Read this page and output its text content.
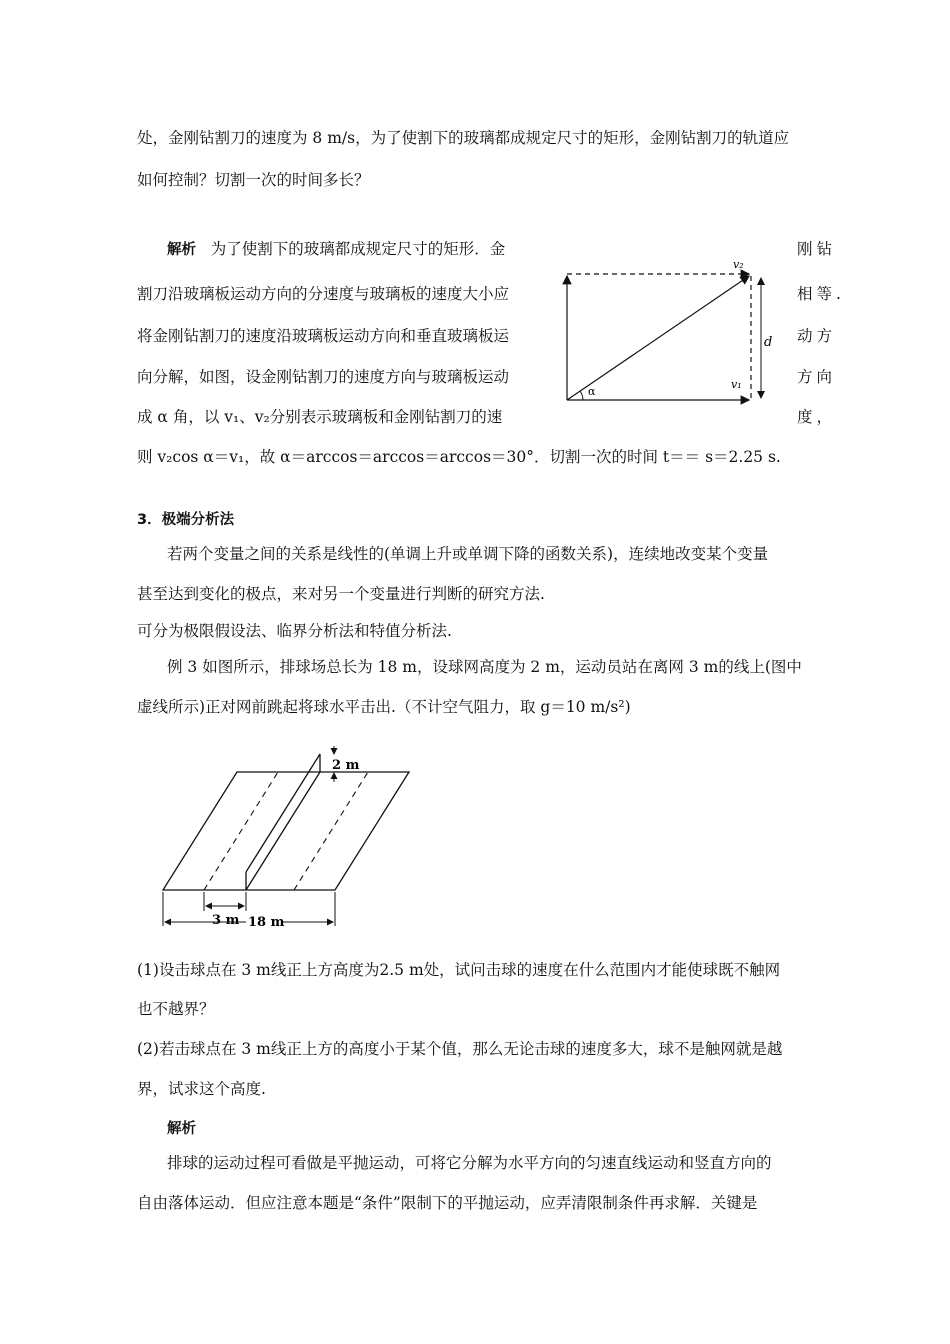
处，金刚钻割刀的速度为 8 m/s，为了使割下的玻璃都成规定尺寸的矩形，金刚钻割刀的轨道应
如何控制？切割一次的时间多长？
解析 为了使割下的玻璃都成规定尺寸的矩形．金	刚钻
割刀沿玻璃板运动方向的分速度与玻璃板的速度大小应	相等.
将金刚钻割刀的速度沿玻璃板运动方向和垂直玻璃板运	动方
向分解，如图，设金刚钻割刀的速度方向与玻璃板运动	方向
成 α 角，以 v₁、v₂分别表示玻璃板和金刚钻割刀的速	度，
则 v₂cos α＝v₁，故 α＝arccos＝arccos＝arccos＝30°．切割一次的时间 t＝＝ s＝2.25 s.
v₂
v₁
d
α
3．极端分析法
若两个变量之间的关系是线性的(单调上升或单调下降的函数关系)，连续地改变某个变量
甚至达到变化的极点，来对另一个变量进行判断的研究方法.
可分为极限假设法、临界分析法和特值分析法.
例 3 如图所示，排球场总长为 18 m，设球网高度为 2 m，运动员站在离网 3 m的线上(图中
虚线所示)正对网前跳起将球水平击出.（不计空气阻力，取 g＝10 m/s²)
2 m
3 m 18 m
(1)设击球点在 3 m线正上方高度为2.5 m处，试问击球的速度在什么范围内才能使球既不触网
也不越界？
(2)若击球点在 3 m线正上方的高度小于某个值，那么无论击球的速度多大，球不是触网就是越
界，试求这个高度.
解析
排球的运动过程可看做是平抛运动，可将它分解为水平方向的匀速直线运动和竖直方向的
自由落体运动．但应注意本题是“条件”限制下的平抛运动，应弄清限制条件再求解．关键是
